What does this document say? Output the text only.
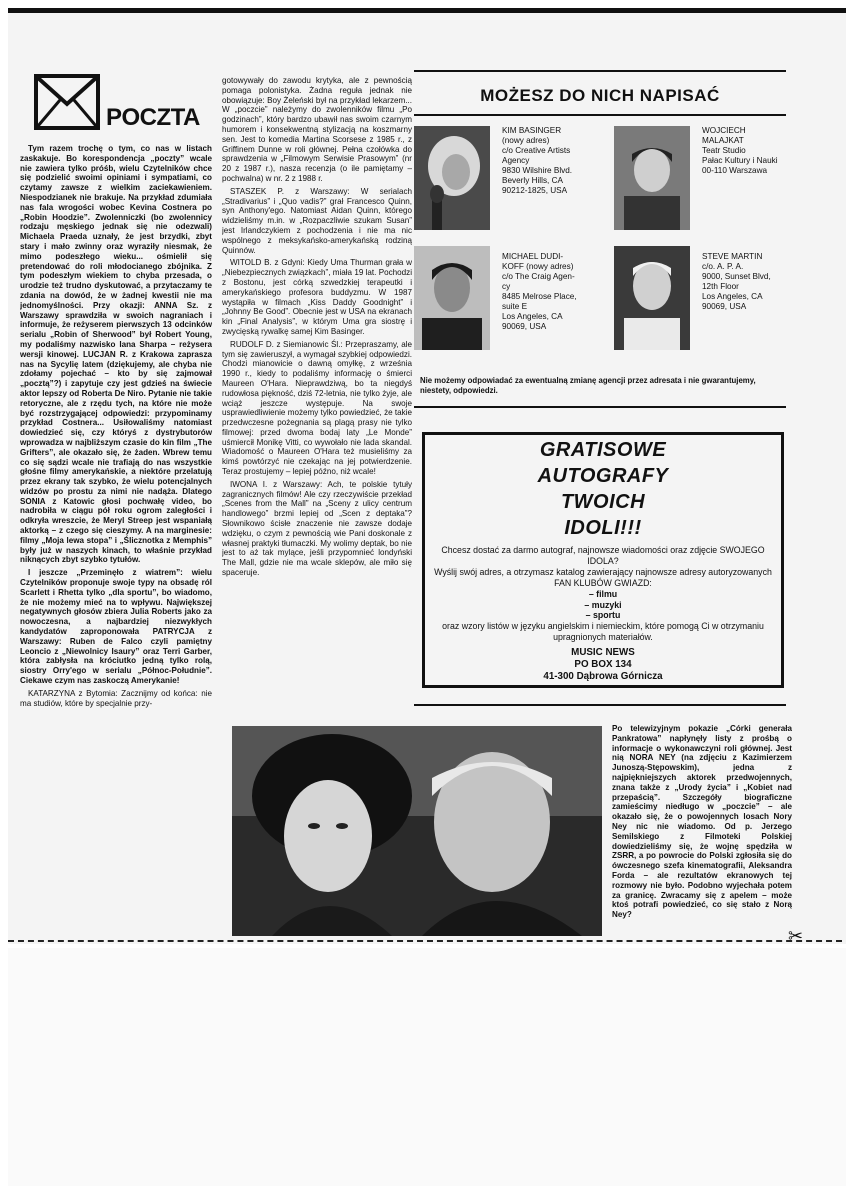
POCZTA

Tym razem trochę o tym, co nas w listach zaskakuje. Bo korespondencja „poczty” wcale nie zawiera tylko próśb, wielu Czytelników chce się podzielić swoimi opiniami i sympatiami, co czytamy zawsze z wielkim zaciekawieniem. Niespodzianek nie brakuje. Na przykład zdumiała nas fala wrogości wobec Kevina Costnera po „Robin Hoodzie”. Zwolenniczki (bo zwolennicy rodzaju męskiego jednak się nie odezwali) Michaela Praeda uznały, że jest brzydki, zbyt stary i mało zwinny oraz wyraziły niesmak, że mimo podeszłego wieku... ośmielił się pretendować do roli młodocianego zbójnika. Z tym podeszłym wiekiem to chyba przesada, o urodzie też trudno dyskutować, a przytaczamy te zdania na dowód, że w żadnej kwestii nie ma jednomyślności. Przy okazji: ANNA Sz. z Warszawy sprawdziła w swoich nagraniach i informuje, że reżyserem pierwszych 13 odcinków serialu „Robin of Sherwood” był Robert Young, my podaliśmy nazwisko Iana Sharpa – reżysera wersji kinowej. LUCJAN R. z Krakowa zaprasza nas na Sycylię latem (dziękujemy, ale chyba nie zdołamy pojechać – kto by się zajmował „pocztą”?) i zapytuje czy jest gdzieś na świecie aktor lepszy od Roberta De Niro. Pytanie nie takie retoryczne, ale z rzędu tych, na które nie może być rozstrzygającej odpowiedzi: przypominamy przykład Costnera... Usiłowaliśmy natomiast dowiedzieć się, czy któryś z dystrybutorów wprowadza w najbliższym czasie do kin film „The Grifters”, ale okazało się, że żaden. Wbrew temu co się sądzi wcale nie trafiają do nas wszystkie głośne filmy amerykańskie, a niektóre przelatują przez ekrany tak szybko, że wielu potencjalnych widzów po prostu za nimi nie nadąża. Dlatego SONIA z Katowic głosi pochwałę video, bo nadrobiła w ciągu pół roku ogrom zaległości i odkryła wreszcie, że Meryl Streep jest wspaniałą aktorką – z czego się cieszymy. A na marginesie: filmy „Moja lewa stopa” i „Ślicznotka z Memphis” były już w naszych kinach, to właśnie przykład niknących zbyt szybko tytułów.

I jeszcze „Przeminęło z wiatrem”: wielu Czytelników proponuje swoje typy na obsadę ról Scarlett i Rhetta tylko „dla sportu”, bo wiadomo, że nie możemy mieć na to wpływu. Największej negatywnych głosów zbiera Julia Roberts jako za nowoczesna, a najbardziej niezwykłych kandydatów zaproponowała PATRYCJA z Warszawy: Ruben de Falco czyli pamiętny Leoncio z „Niewolnicy Isaury” oraz Terri Garber, która zabłysła na króciutko jedną tylko rolą, siostry Orry'ego w serialu „Północ-Południe”. Ciekawe czym nas zaskoczą Amerykanie!

KATARZYNA z Bytomia: Zacznijmy od końca: nie ma studiów, które by specjalnie przy-

gotowywały do zawodu krytyka, ale z pewnością pomaga polonistyka. Żadna reguła jednak nie obowiązuje: Boy Żeleński był na przykład lekarzem... W „poczcie” należymy do zwolenników filmu „Po godzinach”, który bardzo ubawił nas swoim czarnym humorem i konsekwentną stylizacją na koszmarny sen. Jest to komedia Martina Scorsese z 1985 r., z Griffinem Dunne w roli głównej. Pełna czołówka do sprawdzenia w „Filmowym Serwisie Prasowym” (nr 20 z 1987 r.), nasza recenzja (o ile pamiętamy – pochwalna) w nr. 2 z 1988 r.

STASZEK P. z Warszawy: W serialach „Stradivarius” i „Quo vadis?” grał Francesco Quinn, syn Anthony'ego. Natomiast Aidan Quinn, którego widzieliśmy m.in. w „Rozpaczliwie szukam Susan” jest Irlandczykiem z pochodzenia i nie ma nic wspólnego z meksykańsko-amerykańską rodziną Quinnów.

WITOLD B. z Gdyni: Kiedy Uma Thurman grała w „Niebezpiecznych związkach”, miała 19 lat. Pochodzi z Bostonu, jest córką szwedzkiej terapeutki i amerykańskiego profesora buddyzmu. W 1987 wystąpiła w filmach „Kiss Daddy Goodnight” i „Johnny Be Good”. Obecnie jest w USA na ekranach kin „Final Analysis”, w którym Uma gra siostrę i zwycięską rywalkę samej Kim Basinger.

RUDOLF D. z Siemianowic Śl.: Przepraszamy, ale tym się zawieruszył, a wymagał szybkiej odpowiedzi. Chodzi mianowicie o dawną omyłkę, z września 1990 r., kiedy to podaliśmy informację o śmierci Maureen O'Hara. Nieprawdziwą, bo ta niegdyś rudowłosa piękność, dziś 72-letnia, nie tylko żyje, ale wciąż jeszcze występuje. Na swoje usprawiedliwienie możemy tylko powiedzieć, że takie przedwczesne pożegnania są plagą prasy nie tylko filmowej: przed dwoma bodaj laty „Le Monde” uśmiercił Monikę Vitti, co wywołało nie lada skandal. Wiadomość o Maureen O'Hara też musieliśmy za kimś powtórzyć nie czekając na jej potwierdzenie. Teraz prostujemy – lepiej późno, niż wcale!

IWONA I. z Warszawy: Ach, te polskie tytuły zagranicznych filmów! Ale czy rzeczywiście przekład „Scenes from the Mall” na „Sceny z ulicy centrum handlowego” brzmi lepiej od „Scen z deptaka”? Słownikowo ścisłe znaczenie nie zawsze dodaje wdzięku, o czym z pewnością wie Pani doskonale z własnej praktyki tłumaczki. My wolimy deptak, bo nie jest to aż tak mylące, jeśli przypomnieć londyński The Mall, gdzie nie ma wcale sklepów, ale miło się spaceruje.

MOŻESZ DO NICH NAPISAĆ
KIM BASINGER
(nowy adres)
c/o Creative Artists
Agency
9830 Wilshire Blvd.
Beverly Hills, CA
90212-1825, USA
WOJCIECH
MALAJKAT
Teatr Studio
Pałac Kultury i Nauki
00-110 Warszawa
MICHAEL DUDI-
KOFF (nowy adres)
c/o The Craig Agen-
cy
8485 Melrose Place,
suite E
Los Angeles, CA
90069, USA
STEVE MARTIN
c/o. A. P. A.
9000, Sunset Blvd,
12th Floor
Los Angeles, CA
90069, USA
Nie możemy odpowiadać za ewentualną zmianę agencji przez adresata i nie gwarantujemy, niestety, odpowiedzi.
GRATISOWE
AUTOGRAFY
TWOICH
IDOLI!!!
Chcesz dostać za darmo autograf, najnowsze wiadomości oraz zdjęcie SWOJEGO IDOLA?
Wyślij swój adres, a otrzymasz katalog zawierający najnowsze adresy autoryzowanych FAN KLUBÓW GWIAZD:
– filmu
– muzyki
– sportu
oraz wzory listów w języku angielskim i niemieckim, które pomogą Ci w otrzymaniu upragnionych materiałów.
MUSIC NEWS
PO BOX 134
41-300 Dąbrowa Górnicza

Po telewizyjnym pokazie „Córki generała Pankratowa” napłynęły listy z prośbą o informacje o wykonawczyni roli głównej. Jest nią NORA NEY (na zdjęciu z Kazimierzem Junoszą-Stępowskim), jedna z najpiękniejszych aktorek przedwojennych, znana także z „Urody życia” i „Kobiet nad przepaścią”. Szczegóły biograficzne zamieścimy niedługo w „poczcie” – ale okazało się, że o powojennych losach Nory Ney nic nie wiadomo. Od p. Jerzego Semilskiego z Filmoteki Polskiej dowiedzieliśmy się, że wojnę spędziła w ZSRR, a po powrocie do Polski zgłosiła się do ówczesnego szefa kinematografii, Aleksandra Forda – ale rezultatów ekranowych tej rozmowy nie było. Podobno wyjechała potem za granicę. Zwracamy się z apelem – może ktoś potrafi powiedzieć, co się stało z Norą Ney?

✂
